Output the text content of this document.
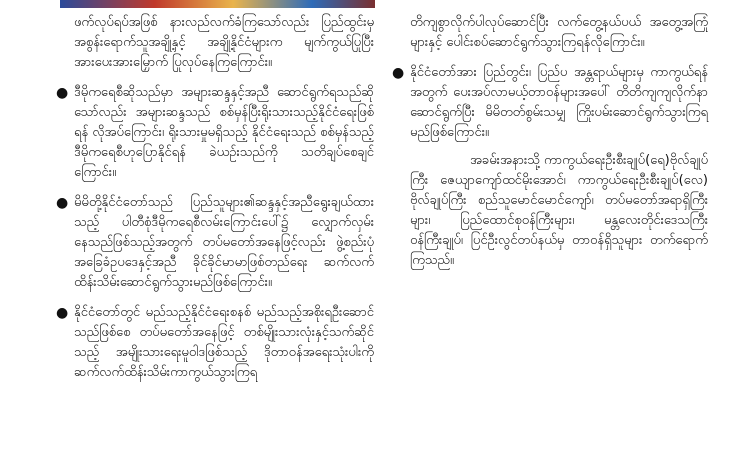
ဖက်လုပ်ရပ်အဖြစ် နားလည်လက်ခံကြသော်လည်း ပြည်ထွင်းမှအစွန်းရောက်သူအချို့နှင့် အချို့နိုင်ငံများက မျက်ကွယ်ပြုပြီး အားပေးအားမြှောက် ပြုလုပ်နေကြကြောင်း။

● ဒီမိုကရေစီဆိုသည်မှာ အများဆန္ဒနှင့်အညီ ဆောင်ရွက်ရသည်ဆိုသော်လည်း အများဆန္ဒသည် စစ်မှန်ပြီးရိုးသားသည့်နိုင်ငံရေးဖြစ်ရန် လိုအပ်ကြောင်း၊ ရိုးသားမှုမရှိသည့် နိုင်ငံရေးသည် စစ်မှန်သည့်ဒီမိုကရေစီဟုပြောနိုင်ရန် ခဲယဉ်းသည်ကို သတိချပ်စေချင်ကြောင်း။

● မိမိတို့နိုင်ငံတော်သည် ပြည်သူများ၏ဆန္ဒနှင့်အညီရွေးချယ်ထားသည့် ပါတီစုံဒီမိုကရေစီလမ်းကြောင်းပေါ်၌ လျှောက်လှမ်းနေသည်ဖြစ်သည့်အတွက် တပ်မတော်အနေဖြင့်လည်း ဖွဲ့စည်းပုံအခြေခံဥပဒေနှင့်အညီ ခိုင်ခိုင်မာမာဖြစ်တည်ရေး ဆက်လက်ထိန်းသိမ်းဆောင်ရွက်သွားမည်ဖြစ်ကြောင်း။

● နိုင်ငံတော်တွင် မည်သည့်နိုင်ငံရေးစနစ် မည်သည့်အစိုးရဦးဆောင်သည်ဖြစ်စေ တပ်မတော်အနေဖြင့် တစ်မျိုးသားလုံးနှင့်သက်ဆိုင်သည့် အမျိုးသားရေးမူဝါဒဖြစ်သည့် ဒိုတာဝန်အရေးသုံးပါးကို ဆက်လက်ထိန်းသိမ်းကာကွယ်သွားကြရ

တိကျစွာလိုက်ပါလုပ်ဆောင်ပြီး လက်တွေ့နယ်ပယ် အတွေ့အကြုံများနှင့် ပေါင်းစပ်ဆောင်ရွက်သွားကြရန်လိုကြောင်း။

● နိုင်ငံတော်အား ပြည်တွင်း၊ ပြည်ပ အန္တရာယ်များမှ ကာကွယ်ရန်အတွက် ပေးအပ်လာမယ့်တာဝန်များအပေါ် တိတိကျကျလိုက်နာဆောင်ရွက်ပြီး မိမိတတ်စွမ်းသမျှ ကြိုးပမ်းဆောင်ရွက်သွားကြရမည်ဖြစ်ကြောင်း။

အခမ်းအနားသို့ ကာကွယ်ရေးဦးစီးချုပ်(ရေ)ဗိုလ်ချုပ်ကြီး ဇေယျာကျော်ထင်မိုးအောင်၊ ကာကွယ်ရေးဦးစီးချုပ်(လေ) ဗိုလ်ချုပ်ကြီး စည်သူမောင်မောင်ကျော်၊ တပ်မတော်အရာရှိကြီးများ၊ ပြည်ထောင်စုဝန်ကြီးများ၊ မန္တလေးတိုင်းဒေသကြီးဝန်ကြီးချုပ်၊ ပြင်ဦးလွင်တပ်နယ်မှ တာဝန်ရှိသူများ တက်ရောက်ကြသည်။
